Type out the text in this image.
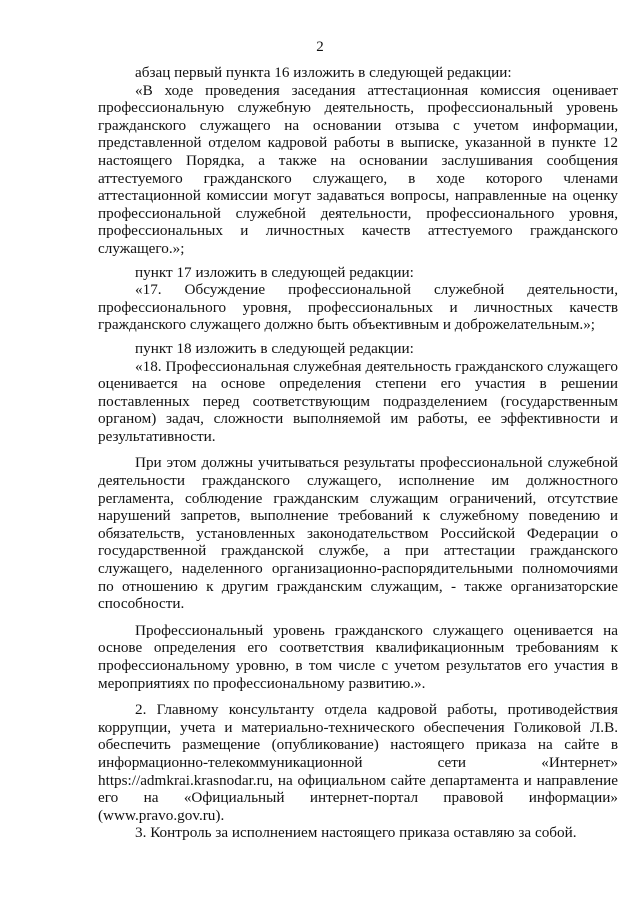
2

абзац первый пункта 16 изложить в следующей редакции:

«В ходе проведения заседания аттестационная комиссия оценивает профессиональную служебную деятельность, профессиональный уровень гражданского служащего на основании отзыва с учетом информации, представленной отделом кадровой работы в выписке, указанной в пункте 12 настоящего Порядка, а также на основании заслушивания сообщения аттестуемого гражданского служащего, в ходе которого членами аттестационной комиссии могут задаваться вопросы, направленные на оценку профессиональной служебной деятельности, профессионального уровня, профессиональных и личностных качеств аттестуемого гражданского служащего.»;

пункт 17 изложить в следующей редакции:

«17. Обсуждение профессиональной служебной деятельности, профессионального уровня, профессиональных и личностных качеств гражданского служащего должно быть объективным и доброжелательным.»;

пункт 18 изложить в следующей редакции:

«18. Профессиональная служебная деятельность гражданского служащего оценивается на основе определения степени его участия в решении поставленных перед соответствующим подразделением (государственным органом) задач, сложности выполняемой им работы, ее эффективности и результативности.

При этом должны учитываться результаты профессиональной служебной деятельности гражданского служащего, исполнение им должностного регламента, соблюдение гражданским служащим ограничений, отсутствие нарушений запретов, выполнение требований к служебному поведению и обязательств, установленных законодательством Российской Федерации о государственной гражданской службе, а при аттестации гражданского служащего, наделенного организационно-распорядительными полномочиями по отношению к другим гражданским служащим, - также организаторские способности.

Профессиональный уровень гражданского служащего оценивается на основе определения его соответствия квалификационным требованиям к профессиональному уровню, в том числе с учетом результатов его участия в мероприятиях по профессиональному развитию.».

2. Главному консультанту отдела кадровой работы, противодействия коррупции, учета и материально-технического обеспечения Голиковой Л.В. обеспечить размещение (опубликование) настоящего приказа на сайте в информационно-телекоммуникационной сети «Интернет» https://admkrai.krasnodar.ru, на официальном сайте департамента и направление его на «Официальный интернет-портал правовой информации» (www.pravo.gov.ru).

3. Контроль за исполнением настоящего приказа оставляю за собой.
